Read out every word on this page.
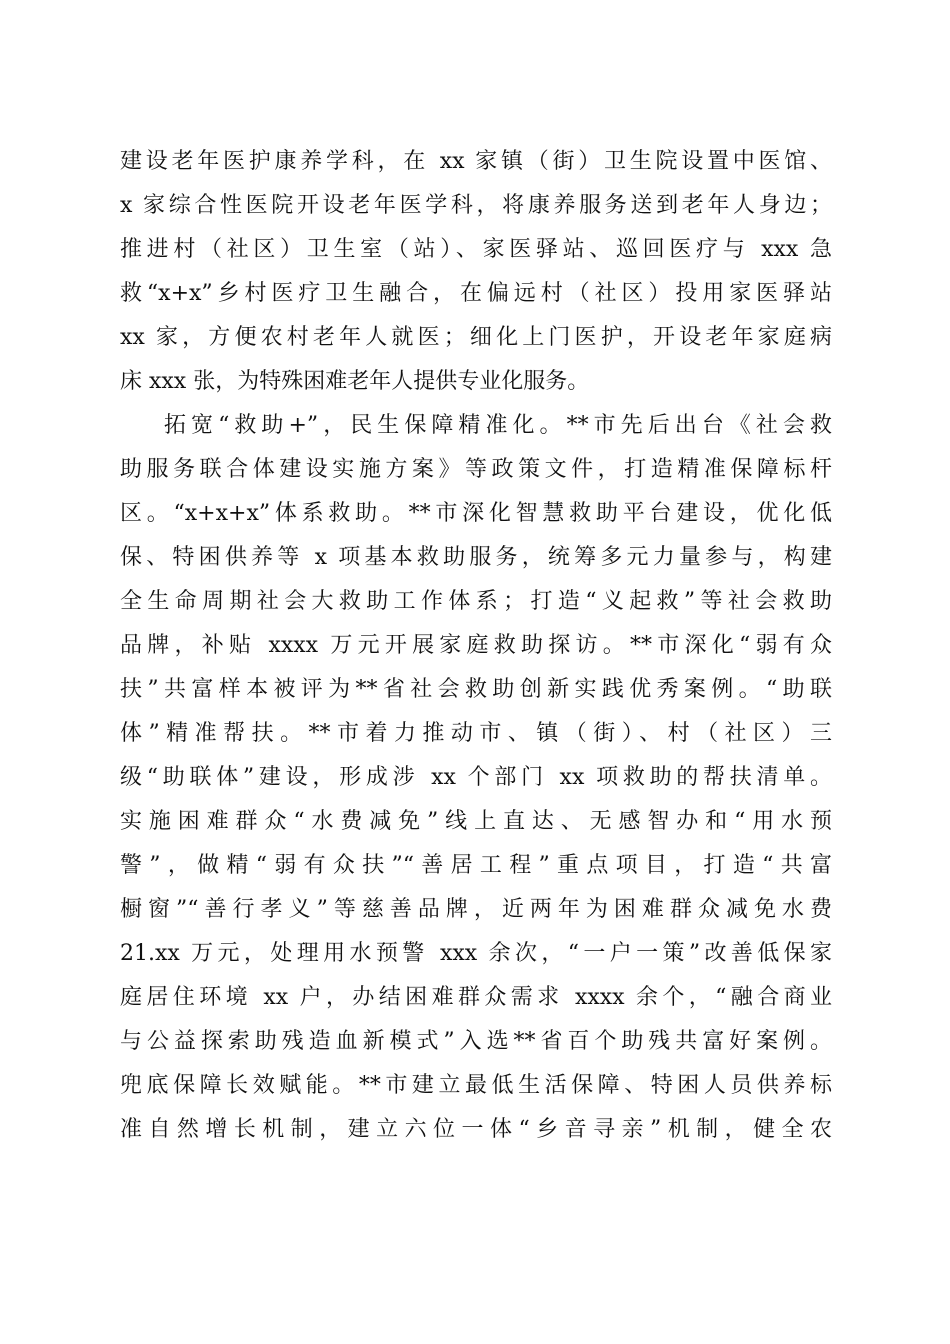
建设老年医护康养学科，在 xx 家镇（街）卫生院设置中医馆、
x 家综合性医院开设老年医学科，将康养服务送到老年人身边；
推进村（社区）卫生室（站）、家医驿站、巡回医疗与 xxx 急
救“x+x”乡村医疗卫生融合，在偏远村（社区）投用家医驿站
xx 家，方便农村老年人就医；细化上门医护，开设老年家庭病
床 xxx 张，为特殊困难老年人提供专业化服务。
拓宽“救助+”，民生保障精准化。**市先后出台《社会救
助服务联合体建设实施方案》等政策文件，打造精准保障标杆
区。“x+x+x”体系救助。**市深化智慧救助平台建设，优化低
保、特困供养等 x 项基本救助服务，统筹多元力量参与，构建
全生命周期社会大救助工作体系；打造“义起救”等社会救助
品牌，补贴 xxxx 万元开展家庭救助探访。**市深化“弱有众
扶”共富样本被评为**省社会救助创新实践优秀案例。“助联
体”精准帮扶。**市着力推动市、镇（街）、村（社区）三
级“助联体”建设，形成涉 xx 个部门 xx 项救助的帮扶清单。
实施困难群众“水费减免”线上直达、无感智办和“用水预
警”，做精“弱有众扶”“善居工程”重点项目，打造“共富
橱窗”“善行孝义”等慈善品牌，近两年为困难群众减免水费
21.xx 万元，处理用水预警 xxx 余次，“一户一策”改善低保家
庭居住环境 xx 户，办结困难群众需求 xxxx 余个，“融合商业
与公益探索助残造血新模式”入选**省百个助残共富好案例。
兜底保障长效赋能。**市建立最低生活保障、特困人员供养标
准自然增长机制，建立六位一体“乡音寻亲”机制，健全农
